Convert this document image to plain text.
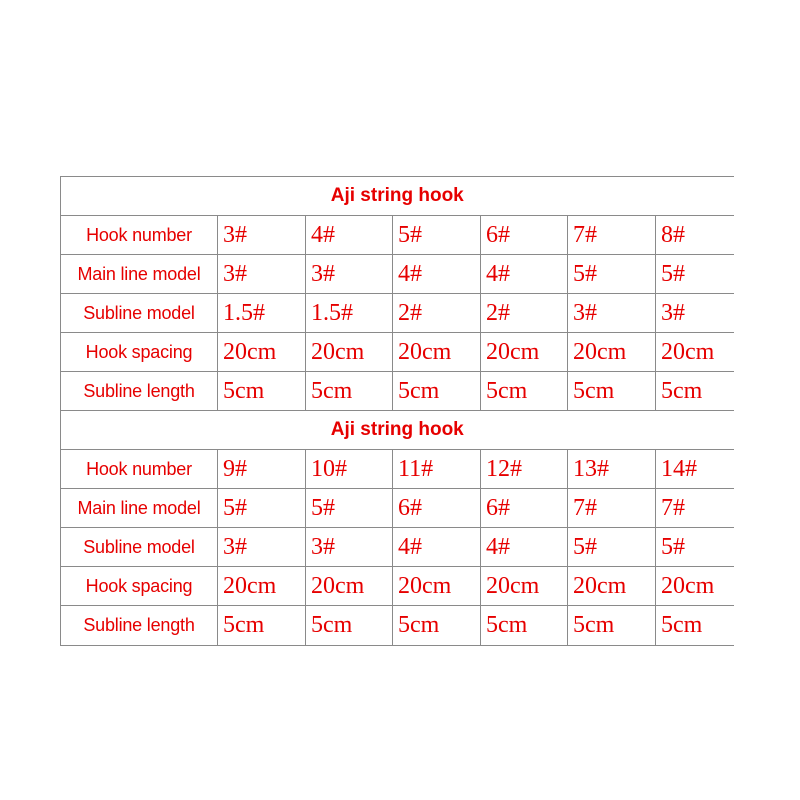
Aji string hook						
Hook number	3#	4#	5#	6#	7#	8#
Main line model	3#	3#	4#	4#	5#	5#
Subline model	1.5#	1.5#	2#	2#	3#	3#
Hook spacing	20cm	20cm	20cm	20cm	20cm	20cm
Subline length	5cm	5cm	5cm	5cm	5cm	5cm
Aji string hook						
Hook number	9#	10#	11#	12#	13#	14#
Main line model	5#	5#	6#	6#	7#	7#
Subline model	3#	3#	4#	4#	5#	5#
Hook spacing	20cm	20cm	20cm	20cm	20cm	20cm
Subline length	5cm	5cm	5cm	5cm	5cm	5cm
